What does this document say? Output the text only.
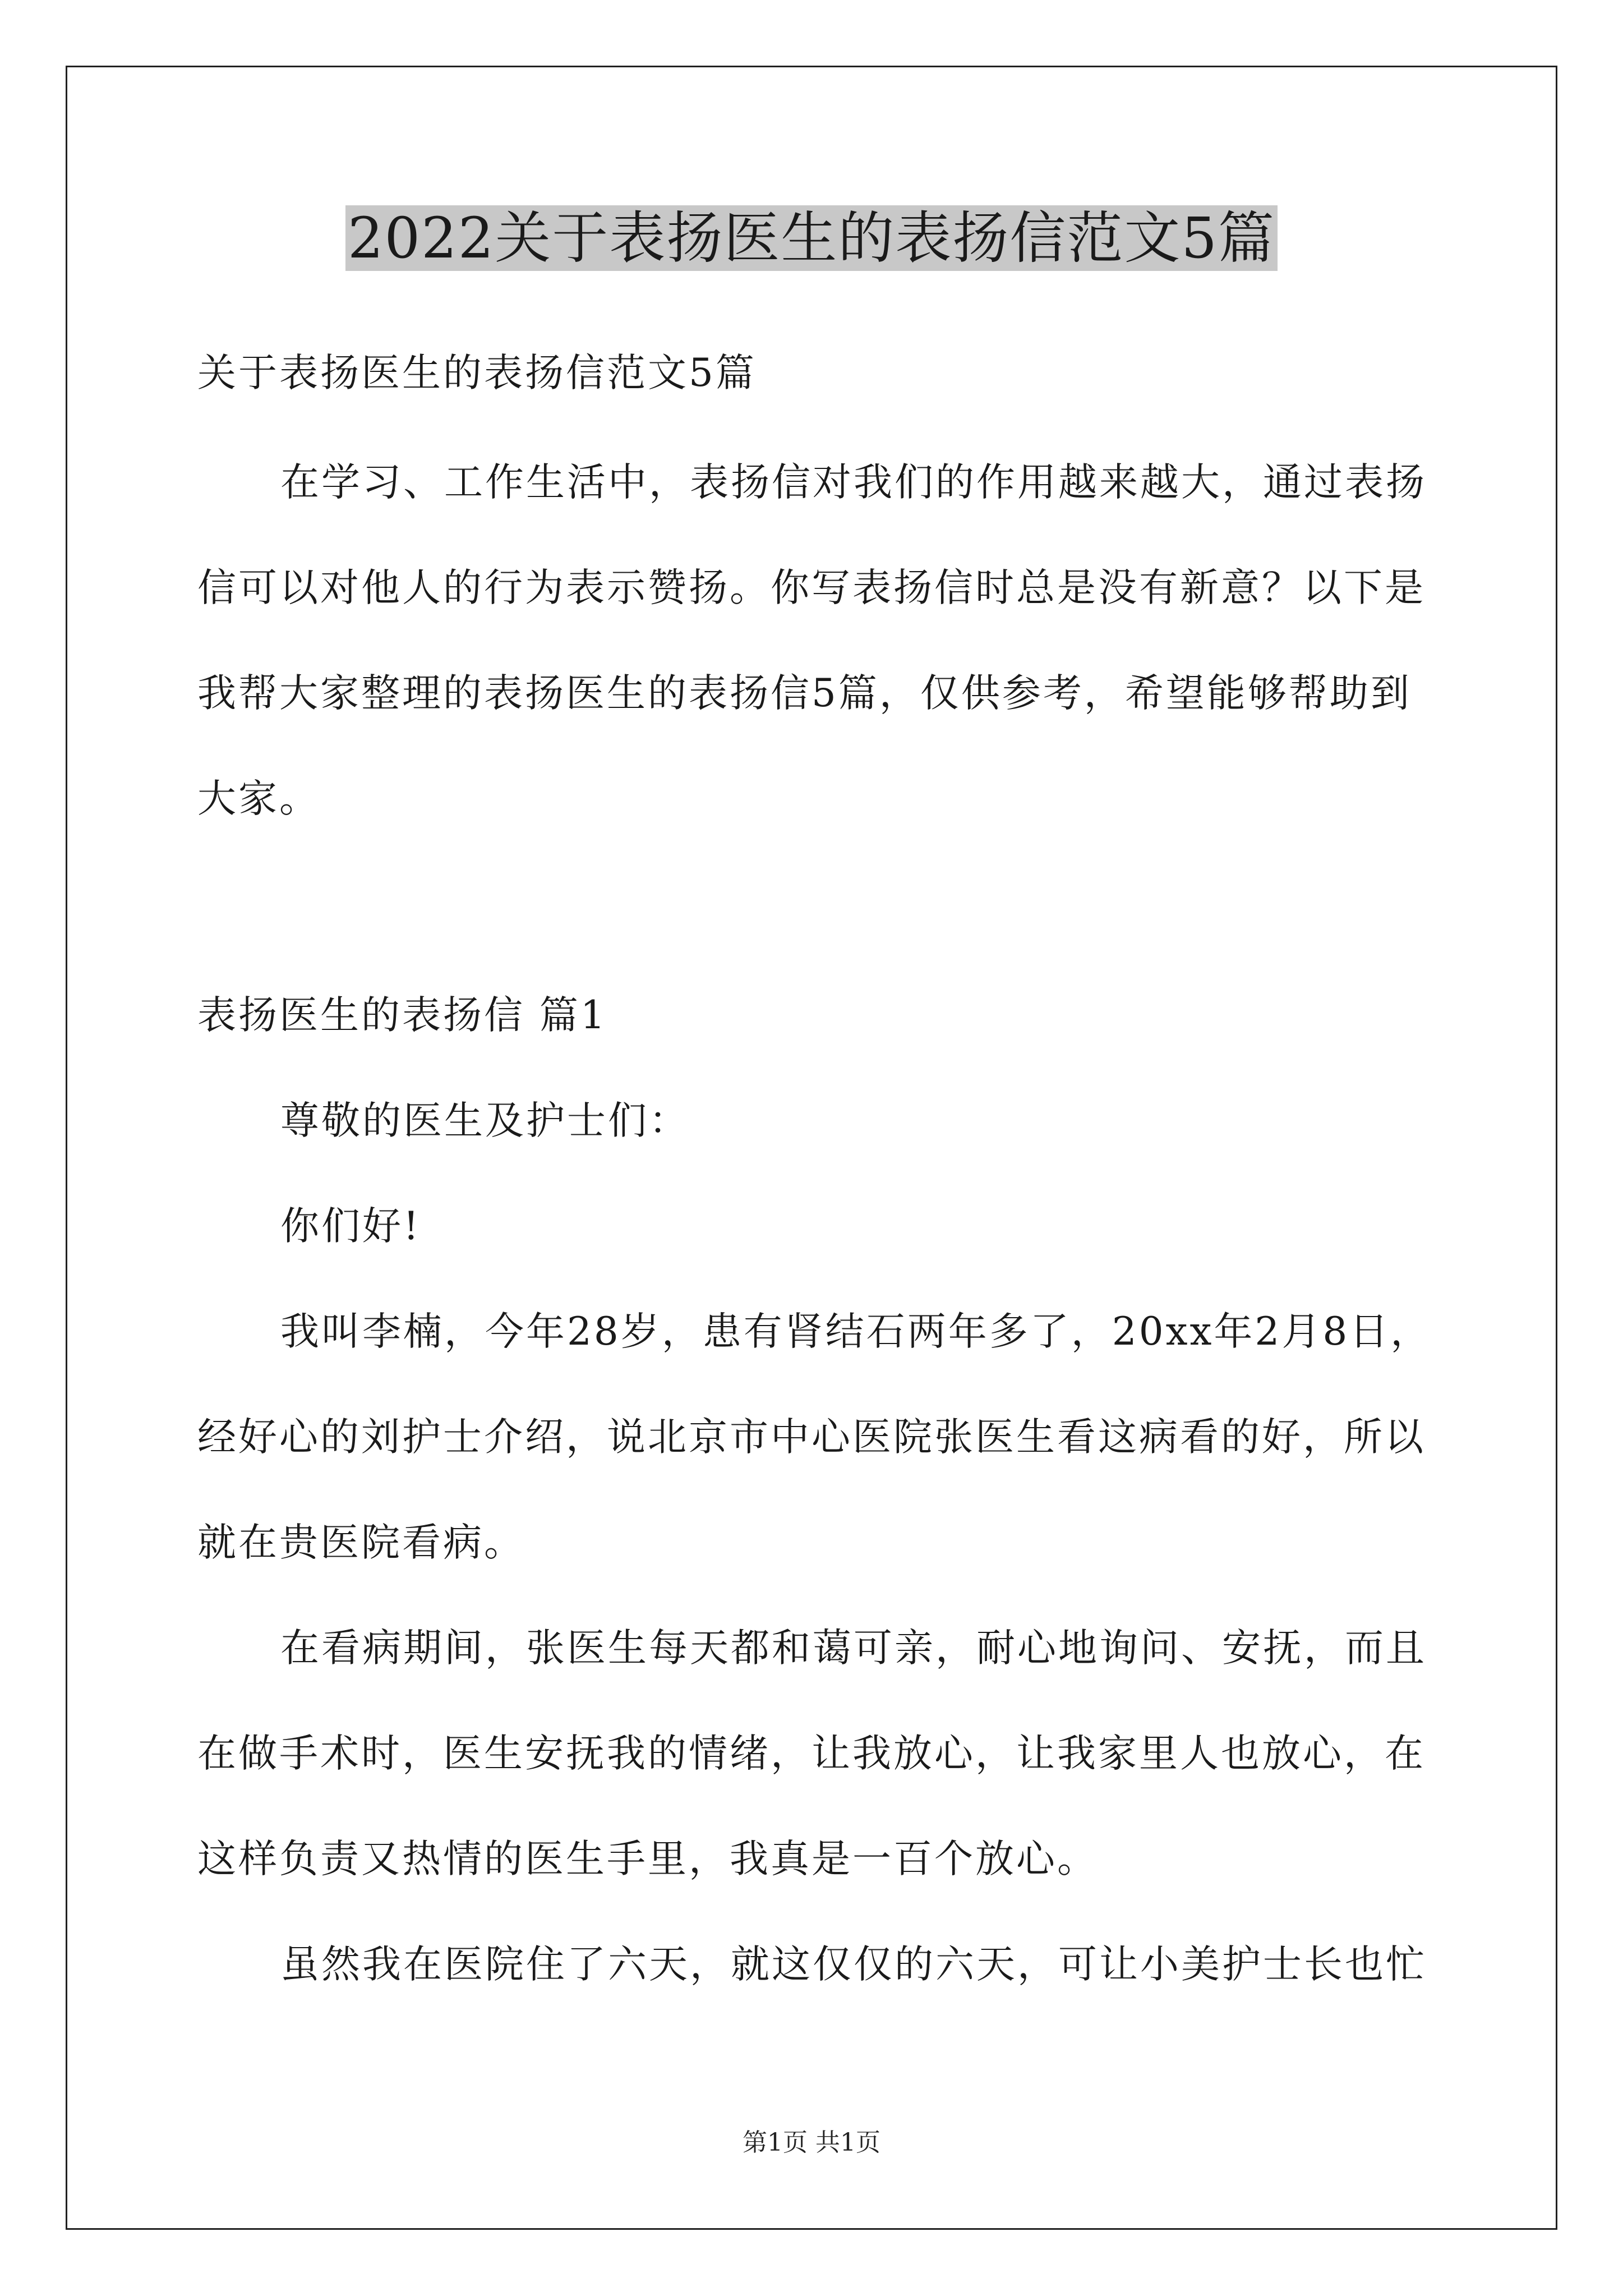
2022关于表扬医生的表扬信范文5篇
关于表扬医生的表扬信范文5篇
在学习、工作生活中，表扬信对我们的作用越来越大，通过表扬
信可以对他人的行为表示赞扬。你写表扬信时总是没有新意？以下是
我帮大家整理的表扬医生的表扬信5篇，仅供参考，希望能够帮助到
大家。
表扬医生的表扬信 篇1
尊敬的医生及护士们：
你们好!
我叫李楠，今年28岁，患有肾结石两年多了，20xx年2月8日，
经好心的刘护士介绍，说北京市中心医院张医生看这病看的好，所以
就在贵医院看病。
在看病期间，张医生每天都和蔼可亲，耐心地询问、安抚，而且
在做手术时，医生安抚我的情绪，让我放心，让我家里人也放心，在
这样负责又热情的医生手里，我真是一百个放心。
虽然我在医院住了六天，就这仅仅的六天，可让小美护士长也忙
第1页 共1页
